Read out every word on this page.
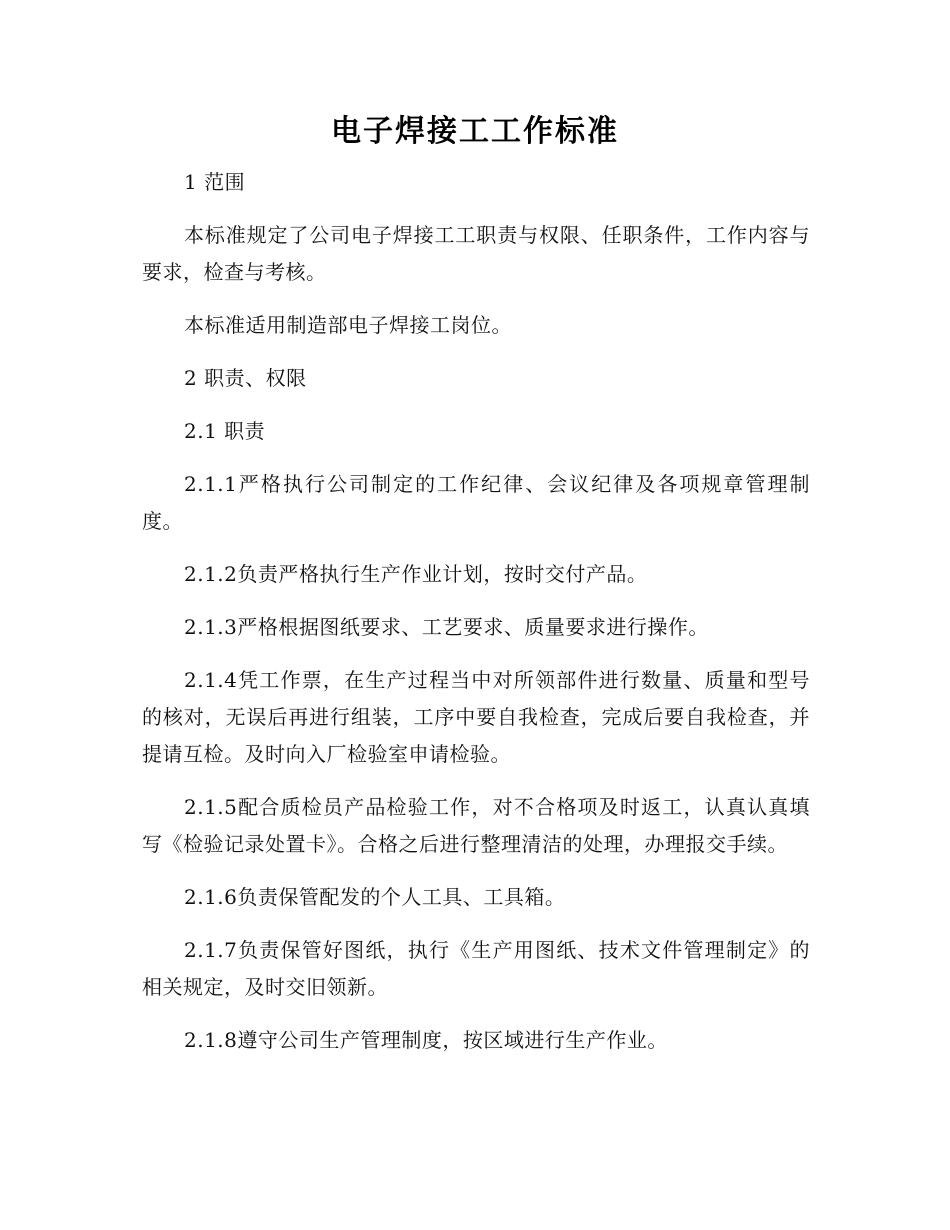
电子焊接工工作标准

1 范围

本标准规定了公司电子焊接工工职责与权限、任职条件，工作内容与要求，检查与考核。

本标准适用制造部电子焊接工岗位。

2 职责、权限

2.1 职责

2.1.1严格执行公司制定的工作纪律、会议纪律及各项规章管理制度。

2.1.2负责严格执行生产作业计划，按时交付产品。

2.1.3严格根据图纸要求、工艺要求、质量要求进行操作。

2.1.4凭工作票，在生产过程当中对所领部件进行数量、质量和型号的核对，无误后再进行组装，工序中要自我检查，完成后要自我检查，并提请互检。及时向入厂检验室申请检验。

2.1.5配合质检员产品检验工作，对不合格项及时返工，认真认真填写《检验记录处置卡》。合格之后进行整理清洁的处理，办理报交手续。

2.1.6负责保管配发的个人工具、工具箱。

2.1.7负责保管好图纸，执行《生产用图纸、技术文件管理制定》的相关规定，及时交旧领新。

2.1.8遵守公司生产管理制度，按区域进行生产作业。
